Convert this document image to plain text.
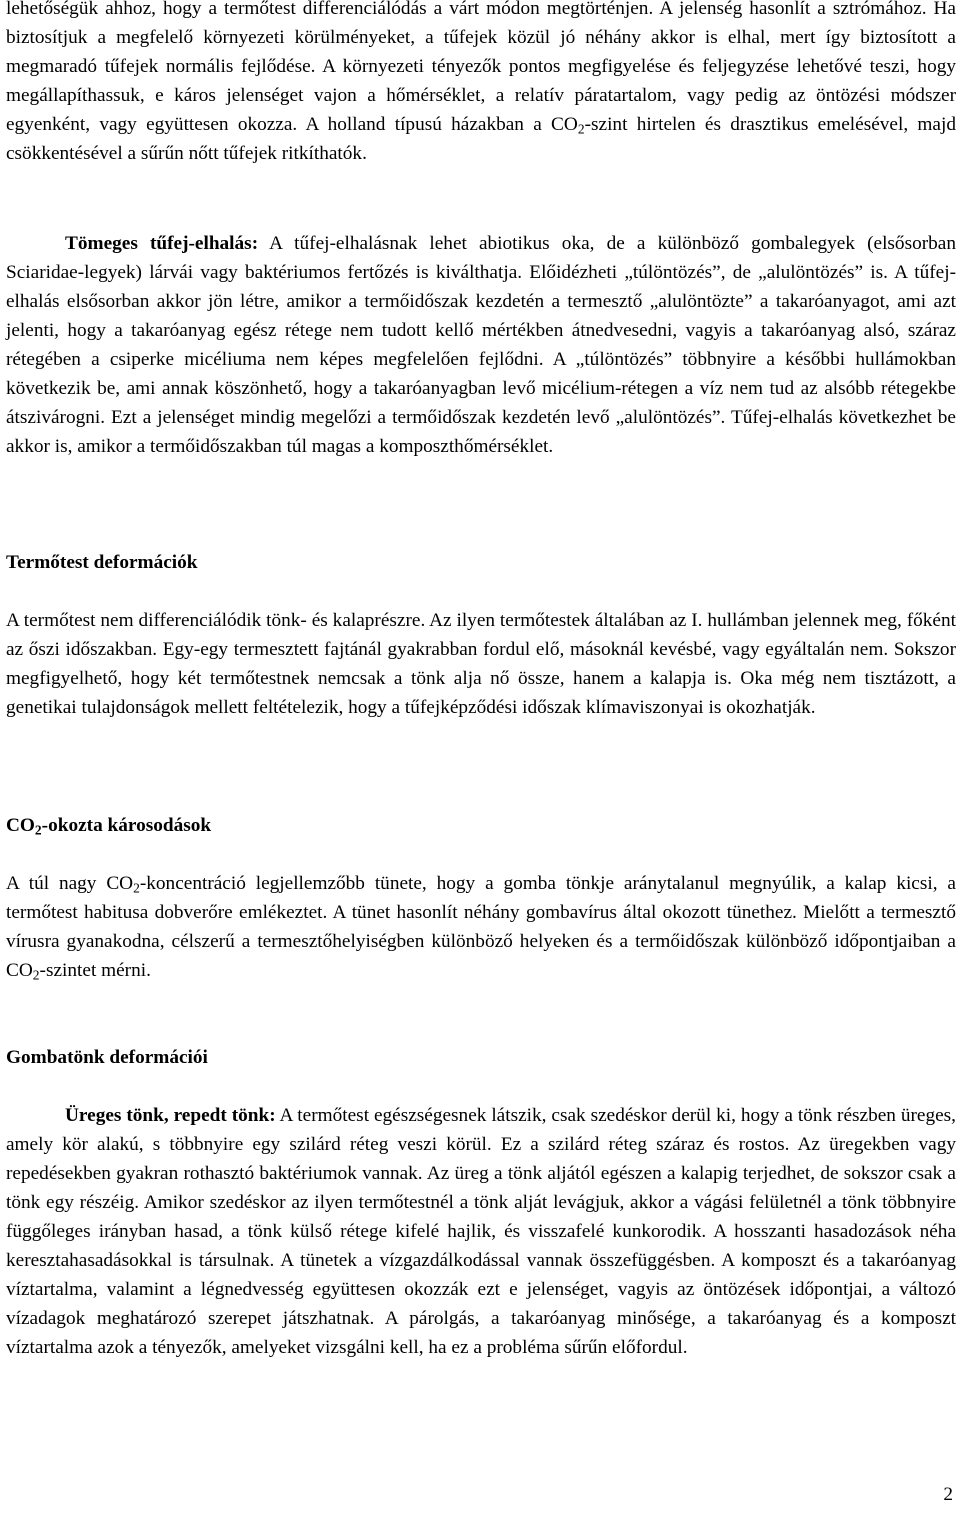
lehetőségük ahhoz, hogy a termőtest differenciálódás a várt módon megtörténjen. A jelenség hasonlít a sztrómához. Ha biztosítjuk a megfelelő környezeti körülményeket, a tűfejek közül jó néhány akkor is elhal, mert így biztosított a megmaradó tűfejek normális fejlődése. A környezeti tényezők pontos megfigyelése és feljegyzése lehetővé teszi, hogy megállapíthassuk, e káros jelenséget vajon a hőmérséklet, a relatív páratartalom, vagy pedig az öntözési módszer egyenként, vagy együttesen okozza. A holland típusú házakban a $CO_2$-szint hirtelen és drasztikus emelésével, majd csökkentésével a sűrűn nőtt tűfejek ritkíthatók.

Tömeges tűfej-elhalás: A tűfej-elhalásnak lehet abiotikus oka, de a különböző gombalegyek (elsősorban Sciaridae-legyek) lárvái vagy baktériumos fertőzés is kiválthatja. Előidézheti „túlöntözés”, de „alulöntözés” is. A tűfej-elhalás elsősorban akkor jön létre, amikor a termőidőszak kezdetén a termesztő „alulöntözte” a takaróanyagot, ami azt jelenti, hogy a takaróanyag egész rétege nem tudott kellő mértékben átnedvesedni, vagyis a takaróanyag alsó, száraz rétegében a csiperke micéliuma nem képes megfelelően fejlődni. A „túlöntözés” többnyire a későbbi hullámokban következik be, ami annak köszönhető, hogy a takaróanyagban levő micélium-rétegen a víz nem tud az alsóbb rétegekbe átszivárogni. Ezt a jelenséget mindig megelőzi a termőidőszak kezdetén levő „alulöntözés”. Tűfej-elhalás következhet be akkor is, amikor a termőidőszakban túl magas a komposzthőmérséklet.

Termőtest deformációk

A termőtest nem differenciálódik tönk- és kalaprészre. Az ilyen termőtestek általában az I. hullámban jelennek meg, főként az őszi időszakban. Egy-egy termesztett fajtánál gyakrabban fordul elő, másoknál kevésbé, vagy egyáltalán nem. Sokszor megfigyelhető, hogy két termőtestnek nemcsak a tönk alja nő össze, hanem a kalapja is. Oka még nem tisztázott, a genetikai tulajdonságok mellett feltételezik, hogy a tűfejképződési időszak klímaviszonyai is okozhatják.

$CO_2$-okozta károsodások

A túl nagy $CO_2$-koncentráció legjellemzőbb tünete, hogy a gomba tönkje aránytalanul megnyúlik, a kalap kicsi, a termőtest habitusa dobverőre emlékeztet. A tünet hasonlít néhány gombavírus által okozott tünethez. Mielőtt a termesztő vírusra gyanakodna, célszerű a termesztőhelyiségben különböző helyeken és a termőidőszak különböző időpontjaiban a $CO_2$-szintet mérni.

Gombatönk deformációi

Üreges tönk, repedt tönk: A termőtest egészségesnek látszik, csak szedéskor derül ki, hogy a tönk részben üreges, amely kör alakú, s többnyire egy szilárd réteg veszi körül. Ez a szilárd réteg száraz és rostos. Az üregekben vagy repedésekben gyakran rothasztó baktériumok vannak. Az üreg a tönk aljától egészen a kalapig terjedhet, de sokszor csak a tönk egy részéig. Amikor szedéskor az ilyen termőtestnél a tönk alját levágjuk, akkor a vágási felületnél a tönk többnyire függőleges irányban hasad, a tönk külső rétege kifelé hajlik, és visszafelé kunkorodik. A hosszanti hasadozások néha keresztahasadásokkal is társulnak. A tünetek a vízgazdálkodással vannak összefüggésben. A komposzt és a takaróanyag víztartalma, valamint a légnedvesség együttesen okozzák ezt e jelenséget, vagyis az öntözések időpontjai, a változó vízadagok meghatározó szerepet játszhatnak. A párolgás, a takaróanyag minősége, a takaróanyag és a komposzt víztartalma azok a tényezők, amelyeket vizsgálni kell, ha ez a probléma sűrűn előfordul.

2
